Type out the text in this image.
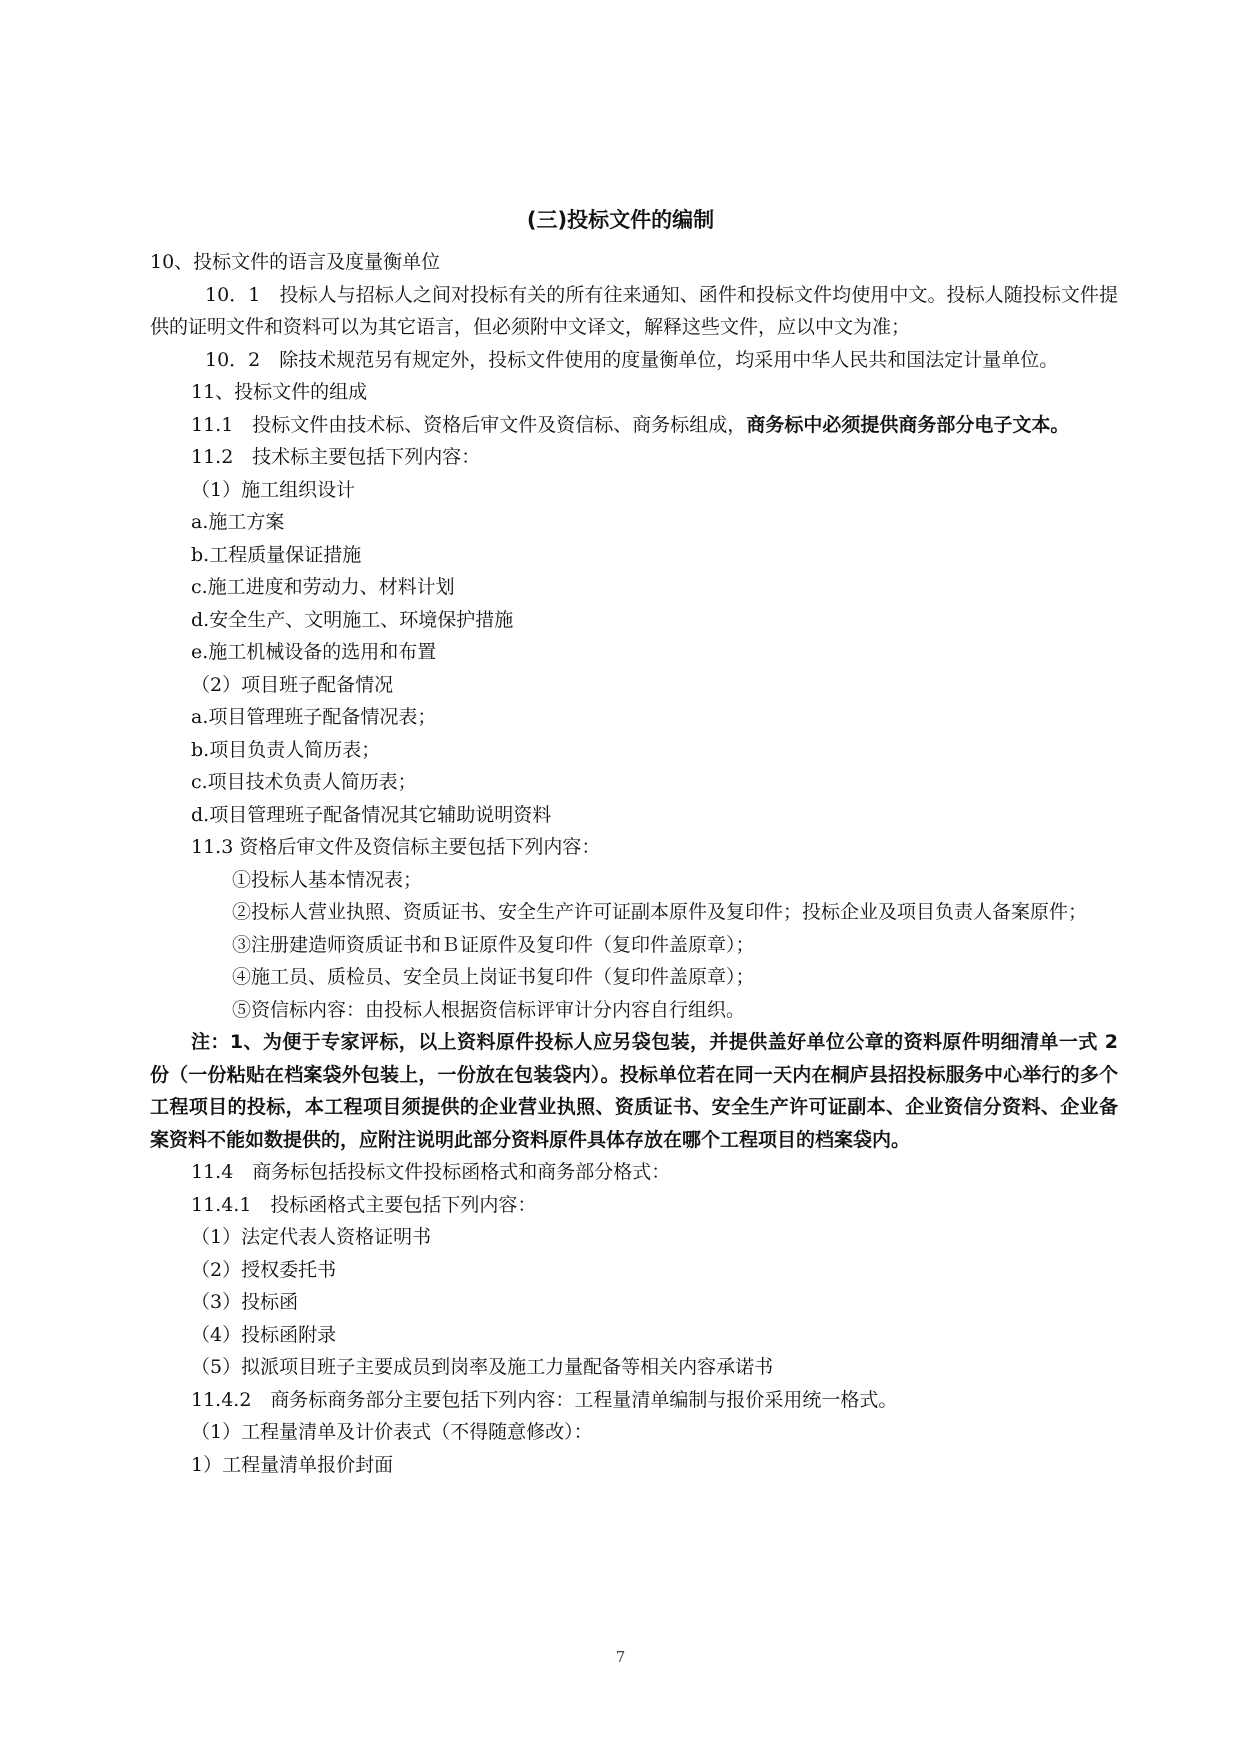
(三)投标文件的编制

10、投标文件的语言及度量衡单位

10．1　投标人与招标人之间对投标有关的所有往来通知、函件和投标文件均使用中文。投标人随投标文件提供的证明文件和资料可以为其它语言，但必须附中文译文，解释这些文件，应以中文为准；

10．2　除技术规范另有规定外，投标文件使用的度量衡单位，均采用中华人民共和国法定计量单位。

11、投标文件的组成

11.1　投标文件由技术标、资格后审文件及资信标、商务标组成，商务标中必须提供商务部分电子文本。

11.2　技术标主要包括下列内容：

（1）施工组织设计

a.施工方案

b.工程质量保证措施

c.施工进度和劳动力、材料计划

d.安全生产、文明施工、环境保护措施

e.施工机械设备的选用和布置

（2）项目班子配备情况

a.项目管理班子配备情况表；

b.项目负责人简历表；

c.项目技术负责人简历表；

d.项目管理班子配备情况其它辅助说明资料

11.3 资格后审文件及资信标主要包括下列内容：

①投标人基本情况表；

②投标人营业执照、资质证书、安全生产许可证副本原件及复印件；投标企业及项目负责人备案原件；

③注册建造师资质证书和Ｂ证原件及复印件（复印件盖原章）；

④施工员、质检员、安全员上岗证书复印件（复印件盖原章）；

⑤资信标内容：由投标人根据资信标评审计分内容自行组织。

注：1、为便于专家评标，以上资料原件投标人应另袋包装，并提供盖好单位公章的资料原件明细清单一式 2 份（一份粘贴在档案袋外包装上，一份放在包装袋内）。投标单位若在同一天内在桐庐县招投标服务中心举行的多个工程项目的投标，本工程项目须提供的企业营业执照、资质证书、安全生产许可证副本、企业资信分资料、企业备案资料不能如数提供的，应附注说明此部分资料原件具体存放在哪个工程项目的档案袋内。

11.4　商务标包括投标文件投标函格式和商务部分格式：

11.4.1　投标函格式主要包括下列内容：

（1）法定代表人资格证明书

（2）授权委托书

（3）投标函

（4）投标函附录

（5）拟派项目班子主要成员到岗率及施工力量配备等相关内容承诺书

11.4.2　商务标商务部分主要包括下列内容：工程量清单编制与报价采用统一格式。

（1）工程量清单及计价表式（不得随意修改）：

1）工程量清单报价封面

7
